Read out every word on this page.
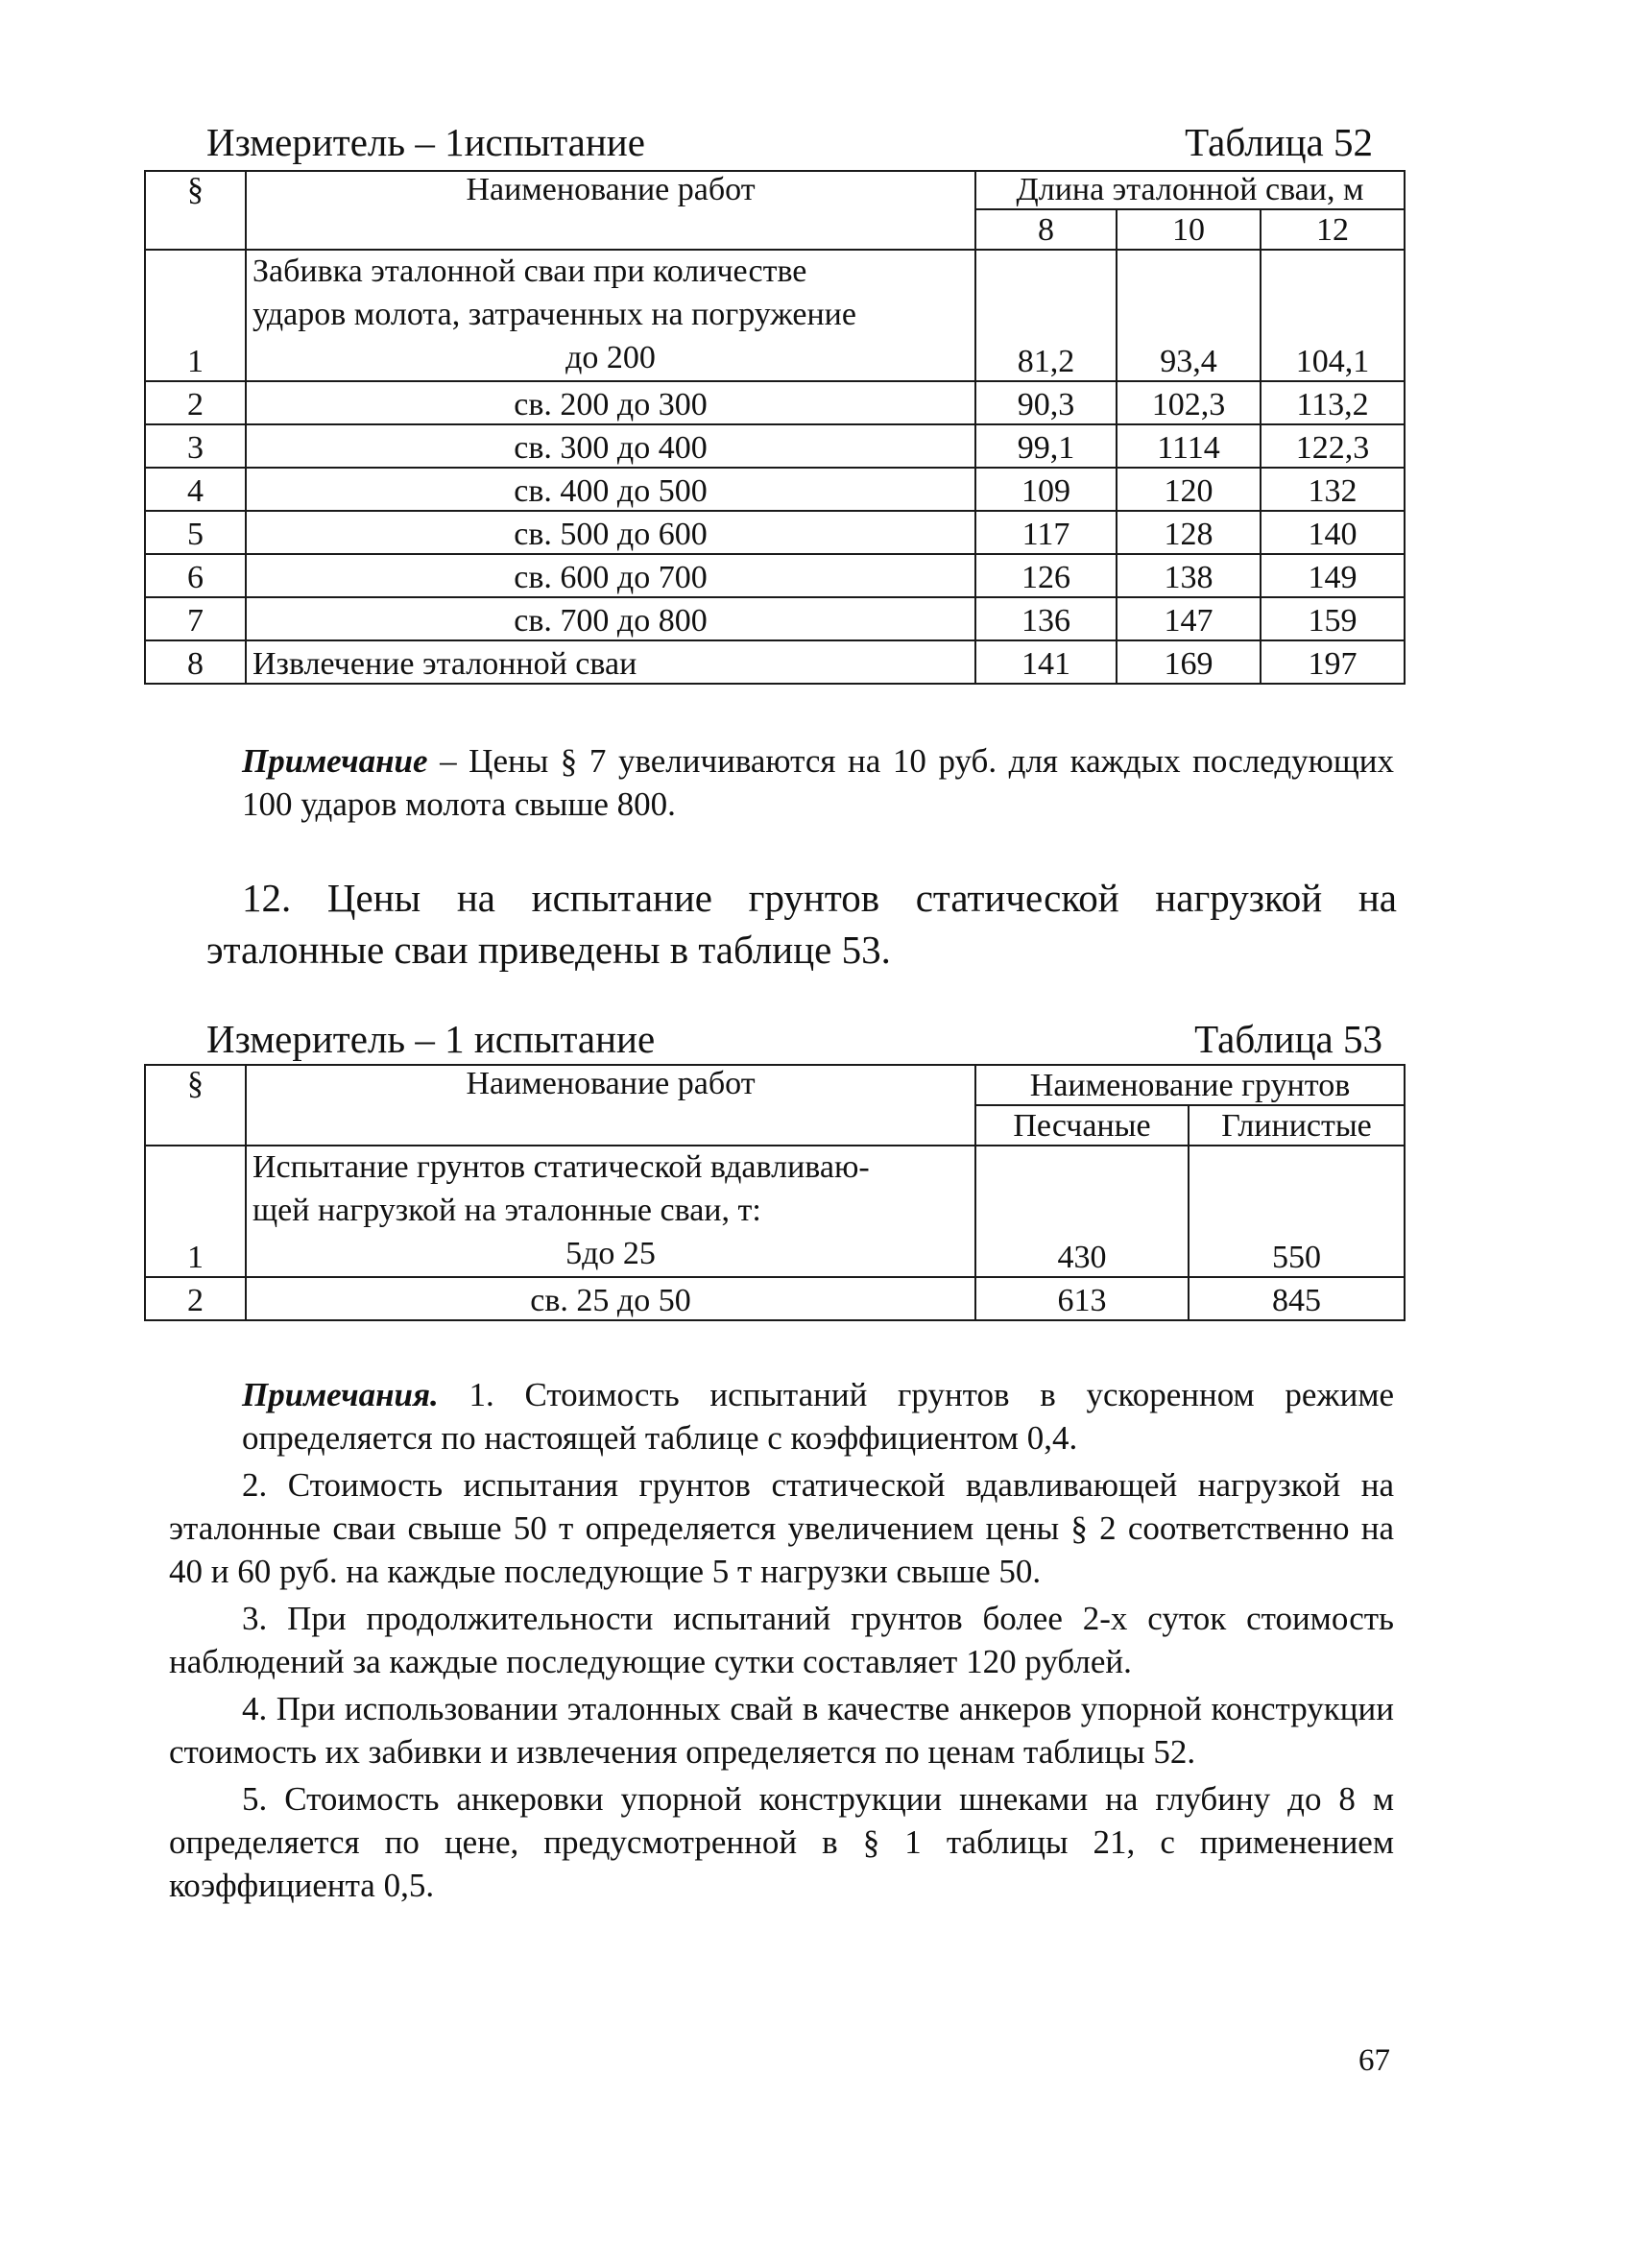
Измеритель – 1испытание	Таблица 52
§	Наименование работ	Длина эталонной сваи, м		
		8	10	12
1	Забивка эталонной сваи при количестве
ударов молота, затраченных на погружение
до 200	81,2	93,4	104,1
2	св. 200 до 300	90,3	102,3	113,2
3	св. 300 до 400	99,1	1114	122,3
4	св. 400 до 500	109	120	132
5	св. 500 до 600	117	128	140
6	св. 600 до 700	126	138	149
7	св. 700 до 800	136	147	159
8	Извлечение эталонной сваи	141	169	197
Примечание – Цены § 7 увеличиваются на 10 руб. для каждых последующих 100 ударов молота свыше 800.
12. Цены на испытание грунтов статической нагрузкой на эталонные сваи приведены в таблице 53.
Измеритель – 1 испытание	Таблица 53
§	Наименование работ	Наименование грунтов	
		Песчаные	Глинистые
1	Испытание грунтов статической вдавливаю-
щей нагрузкой на эталонные сваи, т:
5до 25	430	550
2	св. 25 до 50	613	845

Примечания. 1. Стоимость испытаний грунтов в ускоренном режиме определяется по настоящей таблице с коэффициентом 0,4.

2. Стоимость испытания грунтов статической вдавливающей нагрузкой на эталонные сваи свыше 50 т определяется увеличением цены § 2 соответственно на 40 и 60 руб. на каждые последующие 5 т нагрузки свыше 50.

3. При продолжительности испытаний грунтов более 2-х суток стоимость наблюдений за каждые последующие сутки составляет 120 рублей.

4. При использовании эталонных свай в качестве анкеров упорной конструкции стоимость их забивки и извлечения определяется по ценам таблицы 52.

5. Стоимость анкеровки упорной конструкции шнеками на глубину до 8 м определяется по цене, предусмотренной в § 1 таблицы 21, с применением коэффициента 0,5.

67
